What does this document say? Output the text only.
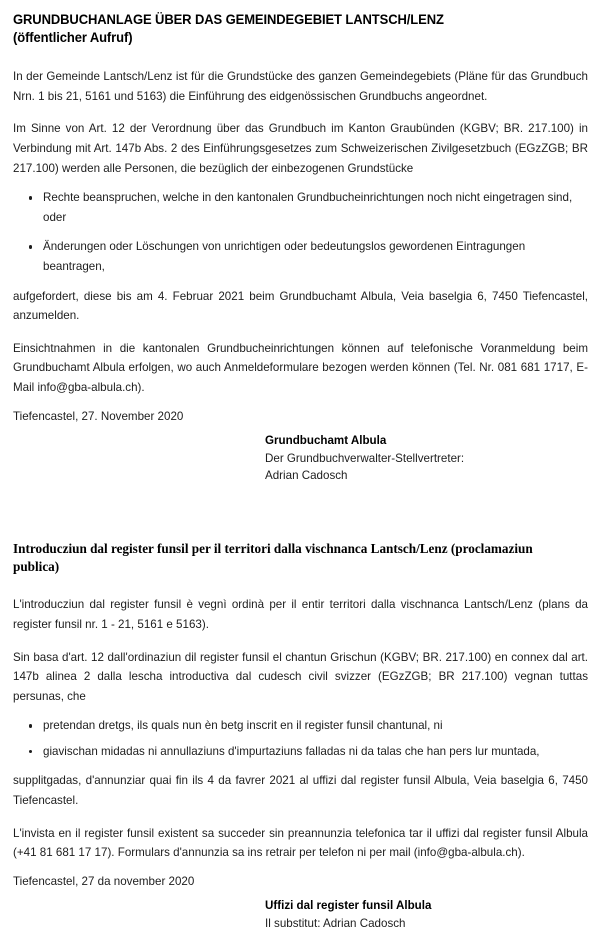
GRUNDBUCHANLAGE ÜBER DAS GEMEINDEGEBIET LANTSCH/LENZ
(öffentlicher Aufruf)

In der Gemeinde Lantsch/Lenz ist für die Grundstücke des ganzen Gemeindegebiets (Pläne für das Grundbuch Nrn. 1 bis 21, 5161 und 5163) die Einführung des eidgenössischen Grundbuchs angeordnet.

Im Sinne von Art. 12 der Verordnung über das Grundbuch im Kanton Graubünden (KGBV; BR. 217.100) in Verbindung mit Art. 147b Abs. 2 des Einführungsgesetzes zum Schweizerischen Zivilgesetzbuch (EGzZGB; BR 217.100) werden alle Personen, die bezüglich der einbezogenen Grundstücke

Rechte beanspruchen, welche in den kantonalen Grundbucheinrichtungen noch nicht eingetragen sind, oder
Änderungen oder Löschungen von unrichtigen oder bedeutungslos gewordenen Eintragungen beantragen,

aufgefordert, diese bis am 4. Februar 2021 beim Grundbuchamt Albula, Veia baselgia 6, 7450 Tiefencastel, anzumelden.

Einsichtnahmen in die kantonalen Grundbucheinrichtungen können auf telefonische Voranmeldung beim Grundbuchamt Albula erfolgen, wo auch Anmeldeformulare bezogen werden können (Tel. Nr. 081 681 1717, E-Mail info@gba-albula.ch).

Tiefencastel, 27. November 2020

Grundbuchamt Albula
Der Grundbuchverwalter-Stellvertreter:
Adrian Cadosch
Introducziun dal register funsil per il territori dalla vischnanca Lantsch/Lenz (proclamaziun
publica)

L'introducziun dal register funsil è vegnì ordinà per il entir territori dalla vischnanca Lantsch/Lenz (plans da register funsil nr. 1 - 21, 5161 e 5163).

Sin basa d'art. 12 dall'ordinaziun dil register funsil el chantun Grischun (KGBV; BR. 217.100) en connex dal art. 147b alinea 2 dalla lescha introductiva dal cudesch civil svizzer (EGzZGB; BR 217.100) vegnan tuttas persunas, che

pretendan dretgs, ils quals nun èn betg inscrit en il register funsil chantunal, ni
giavischan midadas ni annullaziuns d'impurtaziuns falladas ni da talas che han pers lur muntada,

supplitgadas, d'annunziar quai fin ils 4 da favrer 2021 al uffizi dal register funsil Albula, Veia baselgia 6, 7450 Tiefencastel.

L'invista en il register funsil existent sa succeder sin preannunzia telefonica tar il uffizi dal register funsil Albula (+41 81 681 17 17). Formulars d'annunzia sa ins retrair per telefon ni per mail (info@gba-albula.ch).

Tiefencastel, 27 da november 2020

Uffizi dal register funsil Albula
Il substitut: Adrian Cadosch
